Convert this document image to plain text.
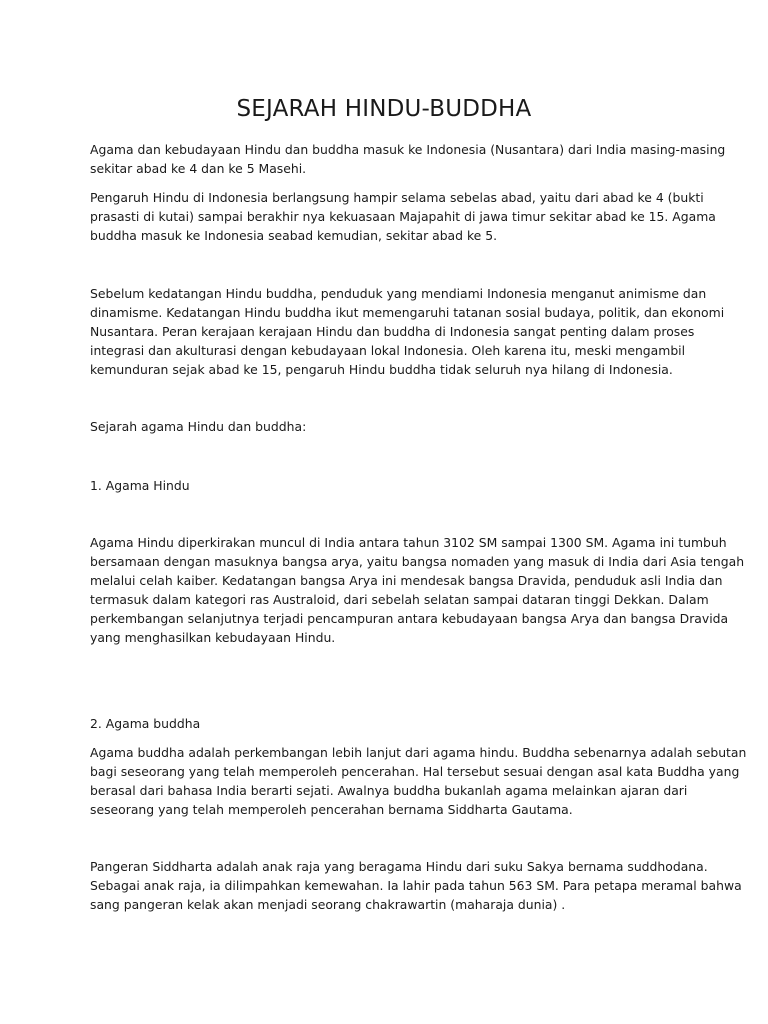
SEJARAH HINDU-BUDDHA

Agama dan kebudayaan Hindu dan buddha masuk ke Indonesia (Nusantara) dari India masing-masing
sekitar abad ke 4 dan ke 5 Masehi.

Pengaruh Hindu di Indonesia berlangsung hampir selama sebelas abad, yaitu dari abad ke 4 (bukti
prasasti di kutai) sampai berakhir nya kekuasaan Majapahit di jawa timur sekitar abad ke 15. Agama
buddha masuk ke Indonesia seabad kemudian, sekitar abad ke 5.

Sebelum kedatangan Hindu buddha, penduduk yang mendiami Indonesia menganut animisme dan
dinamisme. Kedatangan Hindu buddha ikut memengaruhi tatanan sosial budaya, politik, dan ekonomi
Nusantara. Peran kerajaan kerajaan Hindu dan buddha di Indonesia sangat penting dalam proses
integrasi dan akulturasi dengan kebudayaan lokal Indonesia. Oleh karena itu, meski mengambil
kemunduran sejak abad ke 15, pengaruh Hindu buddha tidak seluruh nya hilang di Indonesia.

Sejarah agama Hindu dan buddha:

1. Agama Hindu

Agama Hindu diperkirakan muncul di India antara tahun 3102 SM sampai 1300 SM. Agama ini tumbuh
bersamaan dengan masuknya bangsa arya, yaitu bangsa nomaden yang masuk di India dari Asia tengah
melalui celah kaiber. Kedatangan bangsa Arya ini mendesak bangsa Dravida, penduduk asli India dan
termasuk dalam kategori ras Australoid, dari sebelah selatan sampai dataran tinggi Dekkan. Dalam
perkembangan selanjutnya terjadi pencampuran antara kebudayaan bangsa Arya dan bangsa Dravida
yang menghasilkan kebudayaan Hindu.

2. Agama buddha

Agama buddha adalah perkembangan lebih lanjut dari agama hindu. Buddha sebenarnya adalah sebutan
bagi seseorang yang telah memperoleh pencerahan. Hal tersebut sesuai dengan asal kata Buddha yang
berasal dari bahasa India berarti sejati. Awalnya buddha bukanlah agama melainkan ajaran dari
seseorang yang telah memperoleh pencerahan bernama Siddharta Gautama.

Pangeran Siddharta adalah anak raja yang beragama Hindu dari suku Sakya bernama suddhodana.
Sebagai anak raja, ia dilimpahkan kemewahan. Ia lahir pada tahun 563 SM. Para petapa meramal bahwa
sang pangeran kelak akan menjadi seorang chakrawartin (maharaja dunia) .
